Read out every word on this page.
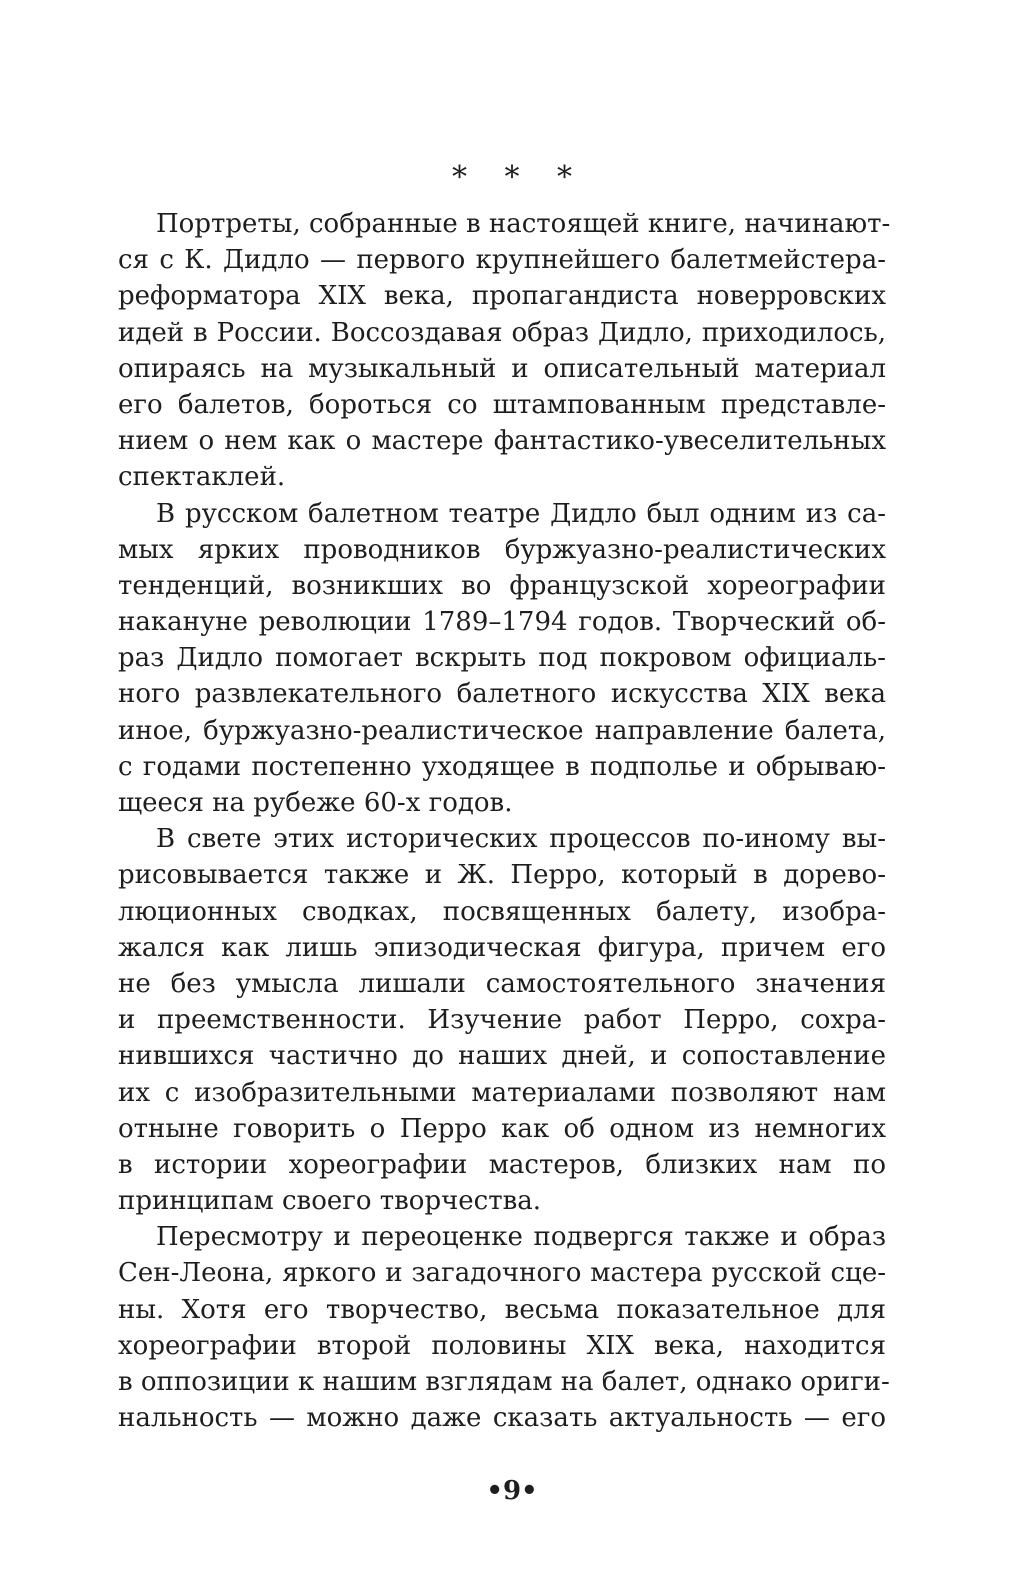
* * *
Портреты, собранные в настоящей книге, начинают-
ся с К. Дидло — первого крупнейшего балетмейстера-
реформатора XIX века, пропагандиста новерровских
идей в России. Воссоздавая образ Дидло, приходилось,
опираясь на музыкальный и описательный материал
его балетов, бороться со штампованным представле-
нием о нем как о мастере фантастико-увеселительных
спектаклей.
В русском балетном театре Дидло был одним из са-
мых ярких проводников буржуазно-реалистических
тенденций, возникших во французской хореографии
накануне революции 1789–1794 годов. Творческий об-
раз Дидло помогает вскрыть под покровом официаль-
ного развлекательного балетного искусства XIX века
иное, буржуазно-реалистическое направление балета,
с годами постепенно уходящее в подполье и обрываю-
щееся на рубеже 60-х годов.
В свете этих исторических процессов по-иному вы-
рисовывается также и Ж. Перро, который в дорево-
люционных сводках, посвященных балету, изобра-
жался как лишь эпизодическая фигура, причем его
не без умысла лишали самостоятельного значения
и преемственности. Изучение работ Перро, сохра-
нившихся частично до наших дней, и сопоставление
их с изобразительными материалами позволяют нам
отныне говорить о Перро как об одном из немногих
в истории хореографии мастеров, близких нам по
принципам своего творчества.
Пересмотру и переоценке подвергся также и образ
Сен-Леона, яркого и загадочного мастера русской сце-
ны. Хотя его творчество, весьма показательное для
хореографии второй половины XIX века, находится
в оппозиции к нашим взглядам на балет, однако ориги-
нальность — можно даже сказать актуальность — его
•9•
